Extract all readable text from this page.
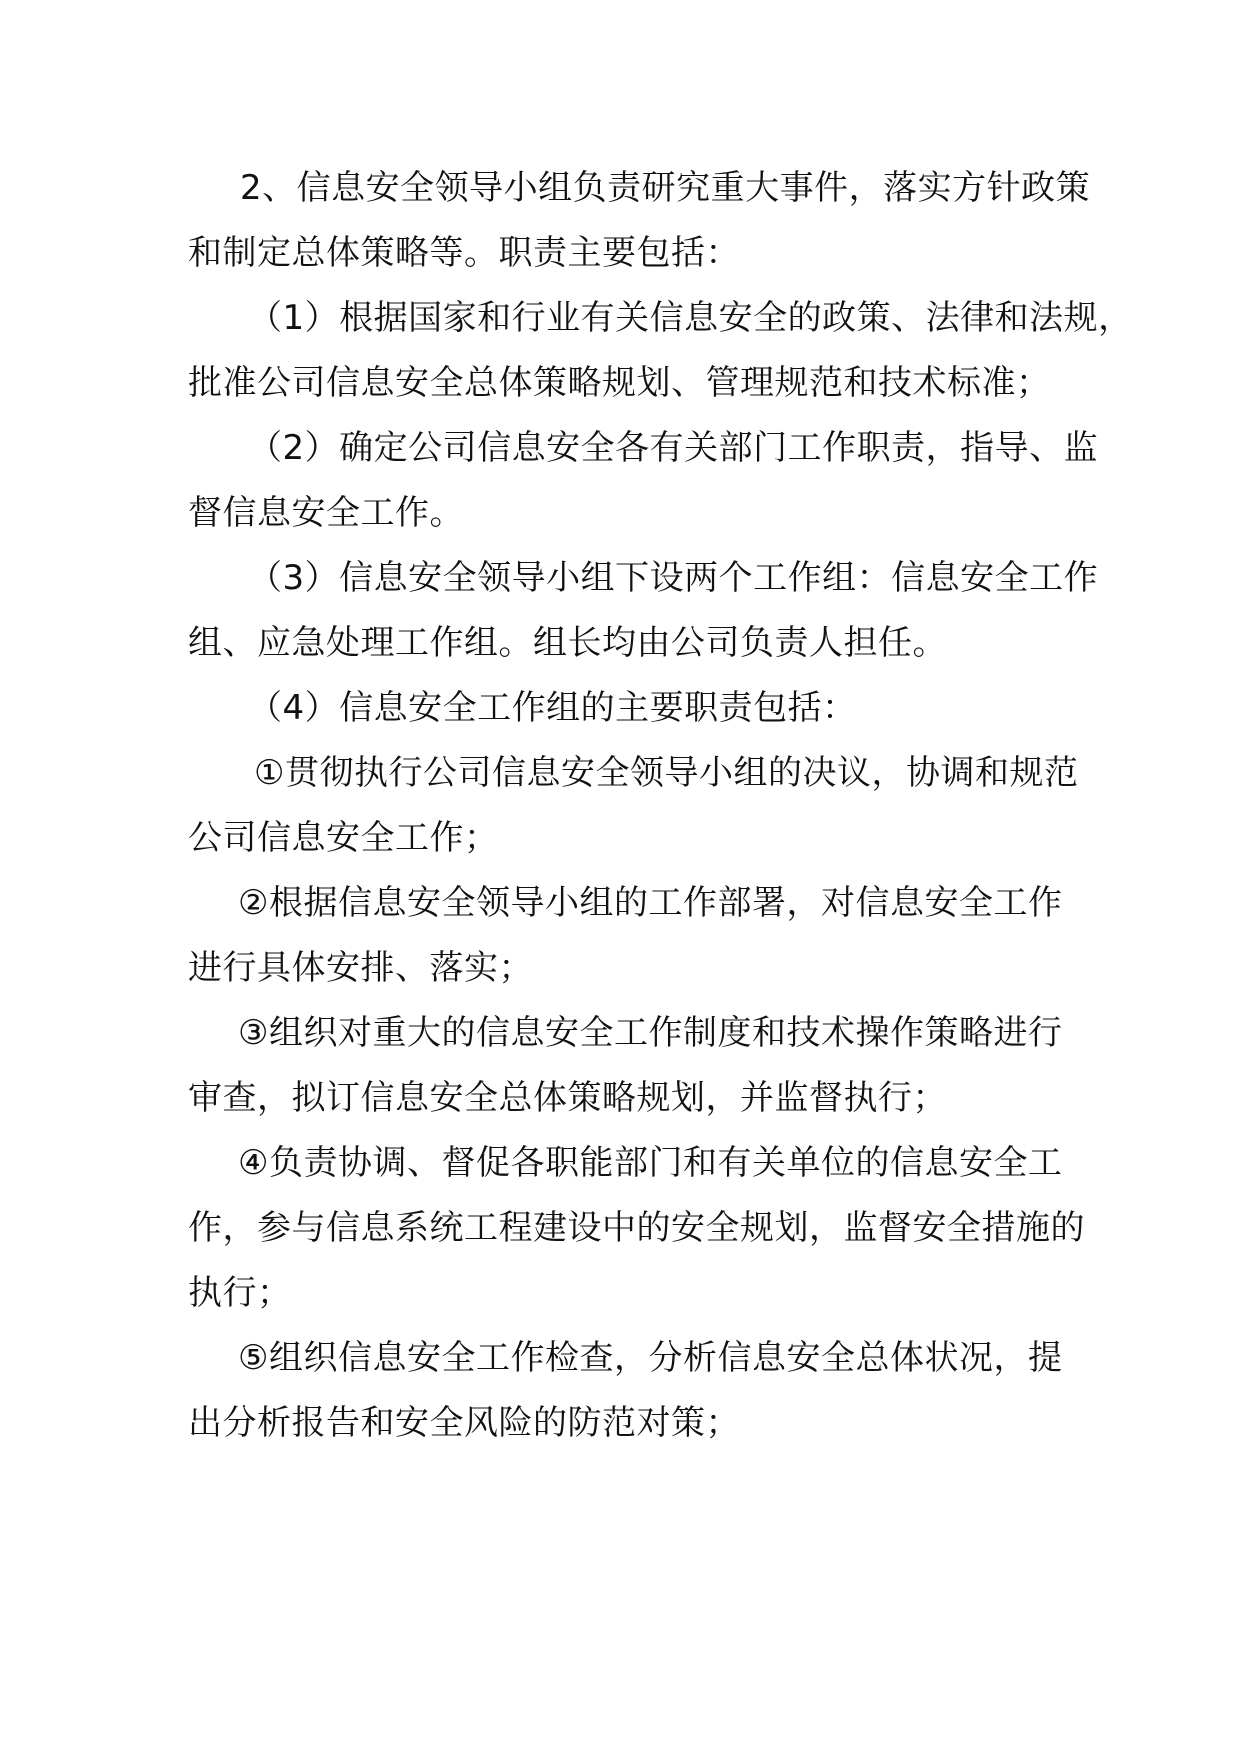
2、信息安全领导小组负责研究重大事件，落实方针政策
和制定总体策略等。职责主要包括：

（1）根据国家和行业有关信息安全的政策、法律和法规，
批准公司信息安全总体策略规划、管理规范和技术标准；

（2）确定公司信息安全各有关部门工作职责，指导、监
督信息安全工作。

（3）信息安全领导小组下设两个工作组：信息安全工作
组、应急处理工作组。组长均由公司负责人担任。

（4）信息安全工作组的主要职责包括：

①贯彻执行公司信息安全领导小组的决议，协调和规范
公司信息安全工作；

②根据信息安全领导小组的工作部署，对信息安全工作
进行具体安排、落实；

③组织对重大的信息安全工作制度和技术操作策略进行
审查，拟订信息安全总体策略规划，并监督执行；

④负责协调、督促各职能部门和有关单位的信息安全工
作，参与信息系统工程建设中的安全规划，监督安全措施的
执行；

⑤组织信息安全工作检查，分析信息安全总体状况，提
出分析报告和安全风险的防范对策；
